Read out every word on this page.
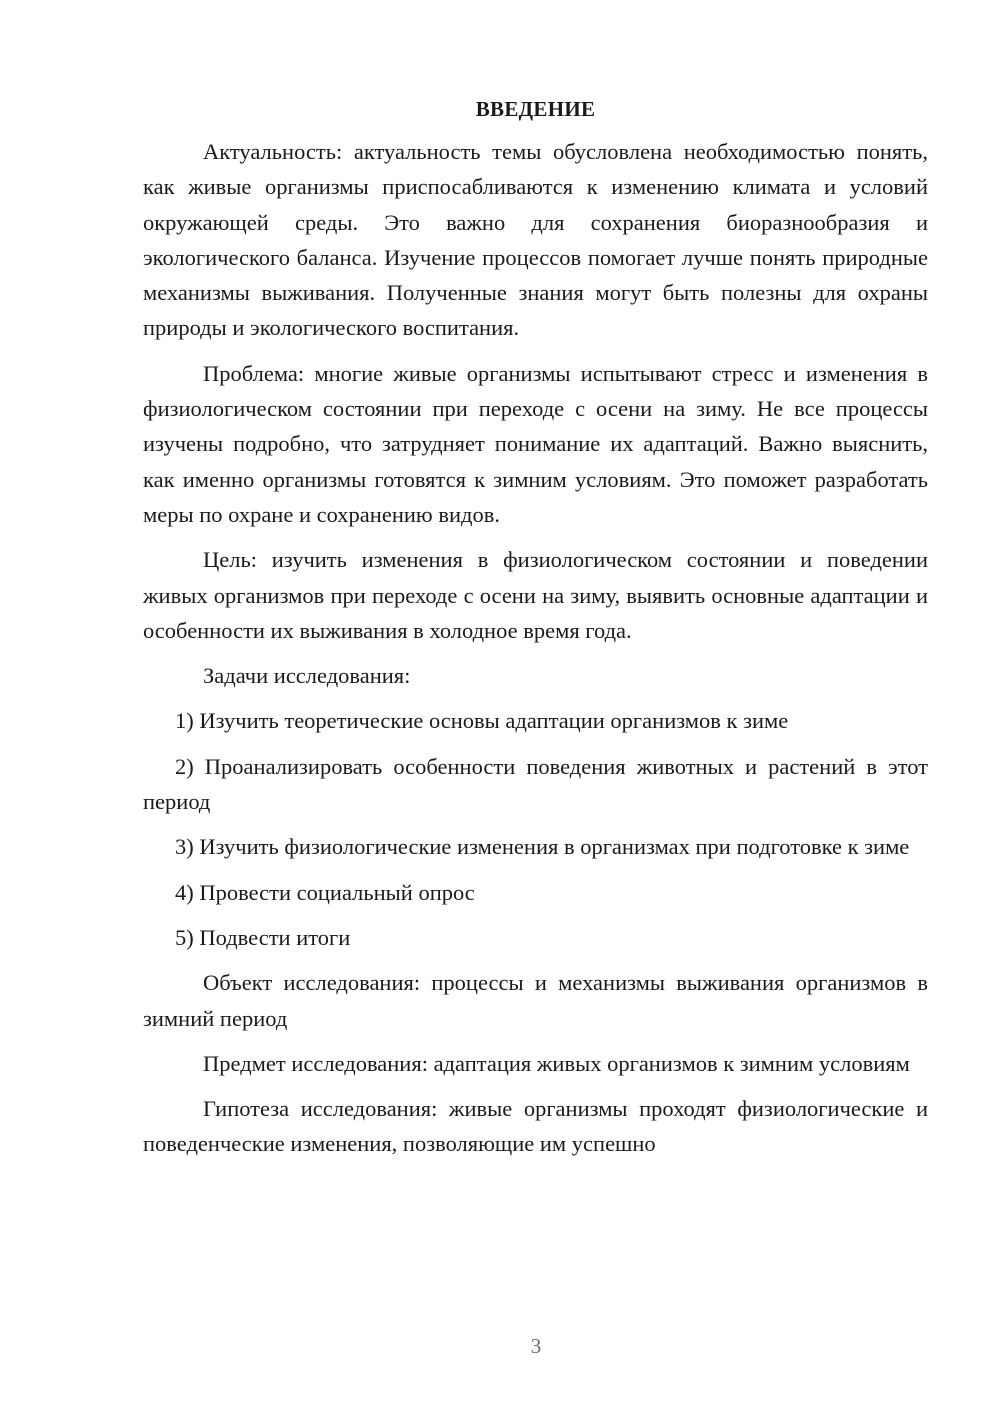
ВВЕДЕНИЕ

Актуальность: актуальность темы обусловлена необходимостью понять, как живые организмы приспосабливаются к изменению климата и условий окружающей среды. Это важно для сохранения биоразнообразия и экологического баланса. Изучение процессов помогает лучше понять природные механизмы выживания. Полученные знания могут быть полезны для охраны природы и экологического воспитания.

Проблема: многие живые организмы испытывают стресс и изменения в физиологическом состоянии при переходе с осени на зиму. Не все процессы изучены подробно, что затрудняет понимание их адаптаций. Важно выяснить, как именно организмы готовятся к зимним условиям. Это поможет разработать меры по охране и сохранению видов.

Цель: изучить изменения в физиологическом состоянии и поведении живых организмов при переходе с осени на зиму, выявить основные адаптации и особенности их выживания в холодное время года.

Задачи исследования:

1) Изучить теоретические основы адаптации организмов к зиме

2) Проанализировать особенности поведения животных и растений в этот период

3) Изучить физиологические изменения в организмах при подготовке к зиме

4) Провести социальный опрос

5) Подвести итоги

Объект исследования: процессы и механизмы выживания организмов в зимний период

Предмет исследования: адаптация живых организмов к зимним условиям

Гипотеза исследования: живые организмы проходят физиологические и поведенческие изменения, позволяющие им успешно

3
